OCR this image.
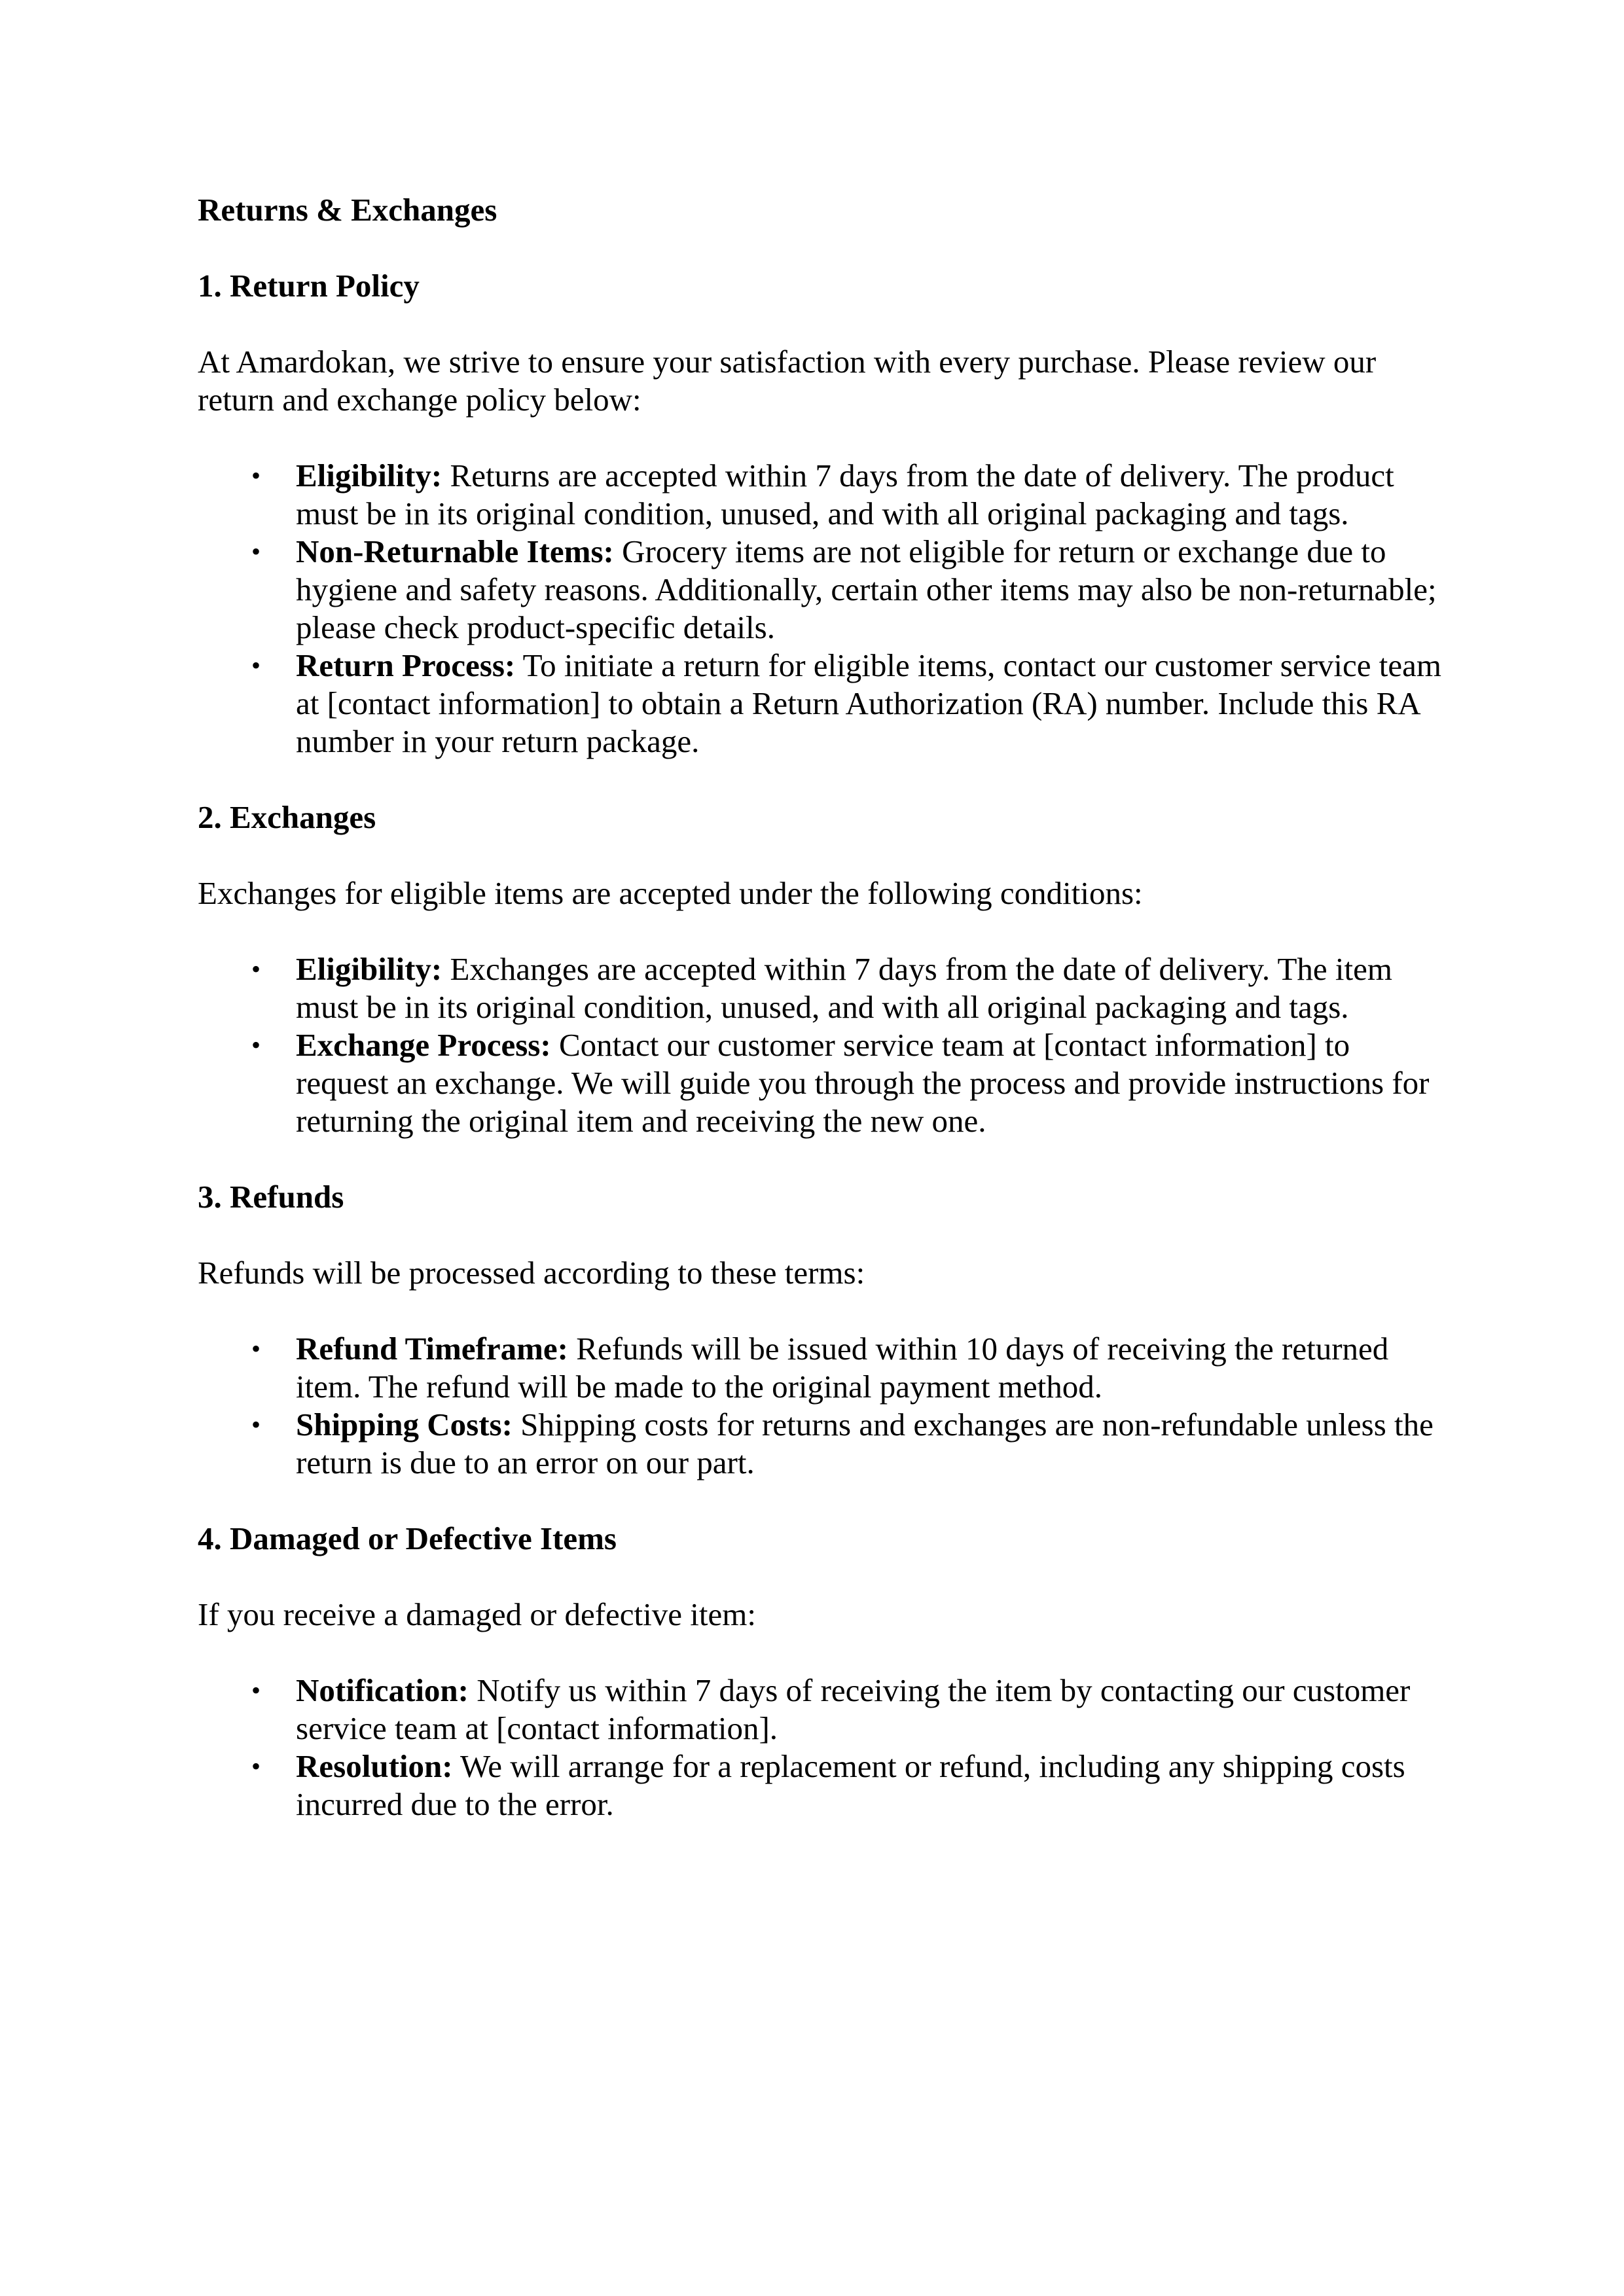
Returns & Exchanges
1. Return Policy
At Amardokan, we strive to ensure your satisfaction with every purchase. Please review our return and exchange policy below:
• Eligibility: Returns are accepted within 7 days from the date of delivery. The product must be in its original condition, unused, and with all original packaging and tags.
• Non-Returnable Items: Grocery items are not eligible for return or exchange due to hygiene and safety reasons. Additionally, certain other items may also be non-returnable; please check product-specific details.
• Return Process: To initiate a return for eligible items, contact our customer service team at [contact information] to obtain a Return Authorization (RA) number. Include this RA number in your return package.
2. Exchanges
Exchanges for eligible items are accepted under the following conditions:
• Eligibility: Exchanges are accepted within 7 days from the date of delivery. The item must be in its original condition, unused, and with all original packaging and tags.
• Exchange Process: Contact our customer service team at [contact information] to request an exchange. We will guide you through the process and provide instructions for returning the original item and receiving the new one.
3. Refunds
Refunds will be processed according to these terms:
• Refund Timeframe: Refunds will be issued within 10 days of receiving the returned item. The refund will be made to the original payment method.
• Shipping Costs: Shipping costs for returns and exchanges are non-refundable unless the return is due to an error on our part.
4. Damaged or Defective Items
If you receive a damaged or defective item:
• Notification: Notify us within 7 days of receiving the item by contacting our customer service team at [contact information].
• Resolution: We will arrange for a replacement or refund, including any shipping costs incurred due to the error.
